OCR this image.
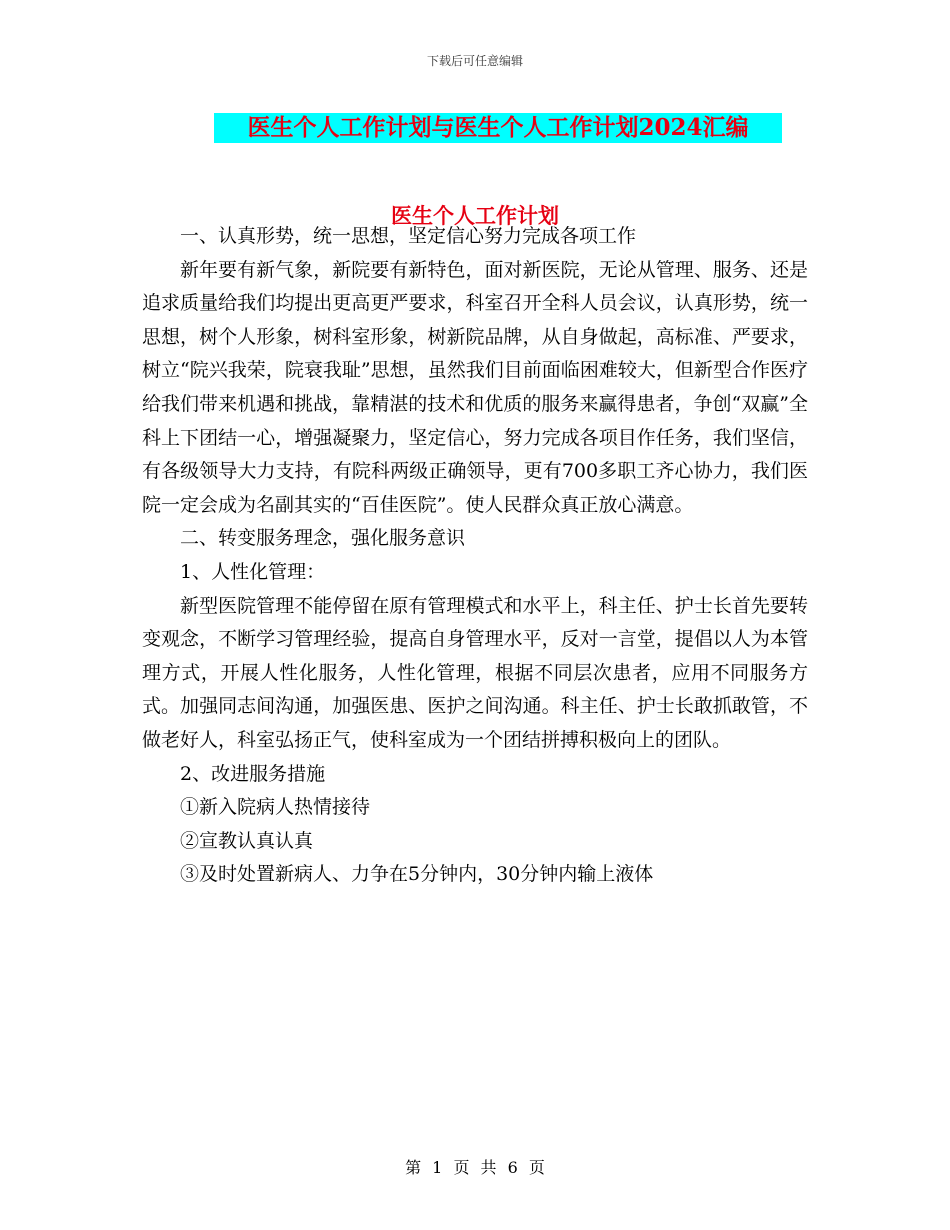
下载后可任意编辑
医生个人工作计划与医生个人工作计划2024汇编
医生个人工作计划

一、认真形势，统一思想，坚定信心努力完成各项工作

新年要有新气象，新院要有新特色，面对新医院，无论从管理、服务、还是追求质量给我们均提出更高更严要求，科室召开全科人员会议，认真形势，统一思想，树个人形象，树科室形象，树新院品牌，从自身做起，高标准、严要求，树立“院兴我荣，院衰我耻”思想，虽然我们目前面临困难较大，但新型合作医疗给我们带来机遇和挑战，靠精湛的技术和优质的服务来赢得患者，争创“双赢”全科上下团结一心，增强凝聚力，坚定信心，努力完成各项目作任务，我们坚信，有各级领导大力支持，有院科两级正确领导，更有700多职工齐心协力，我们医院一定会成为名副其实的“百佳医院”。使人民群众真正放心满意。

二、转变服务理念，强化服务意识

1、人性化管理：

新型医院管理不能停留在原有管理模式和水平上，科主任、护士长首先要转变观念，不断学习管理经验，提高自身管理水平，反对一言堂，提倡以人为本管理方式，开展人性化服务，人性化管理，根据不同层次患者，应用不同服务方式。加强同志间沟通，加强医患、医护之间沟通。科主任、护士长敢抓敢管，不做老好人，科室弘扬正气，使科室成为一个团结拼搏积极向上的团队。

2、改进服务措施

①新入院病人热情接待

②宣教认真认真

③及时处置新病人、力争在5分钟内，30分钟内输上液体

第 1 页 共 6 页
